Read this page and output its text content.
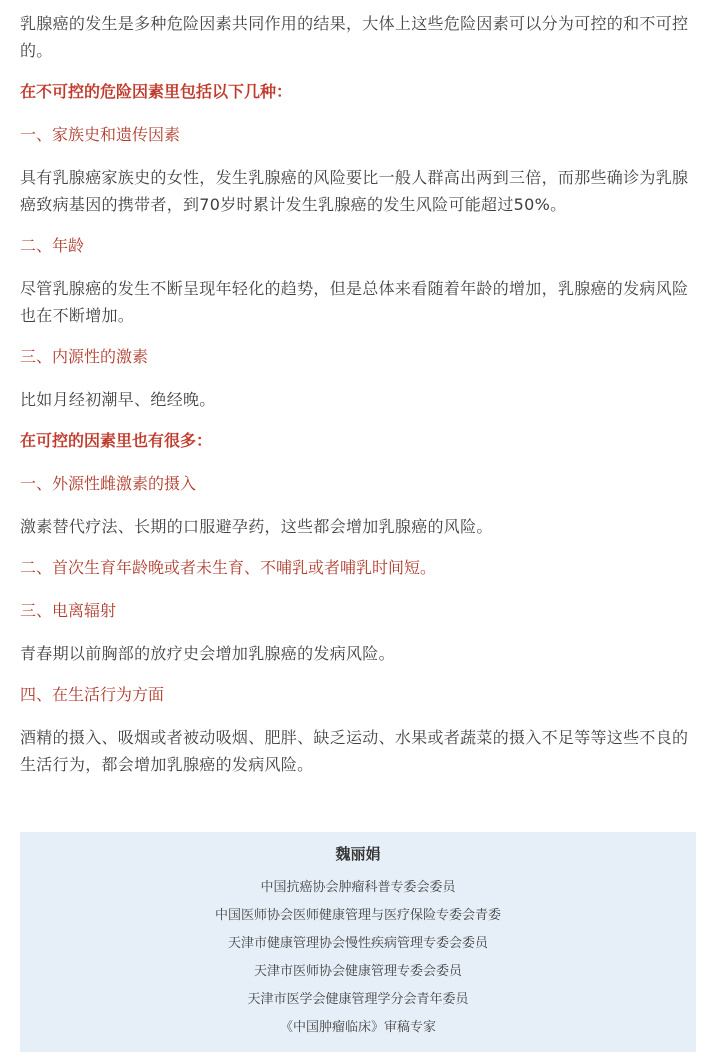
乳腺癌的发生是多种危险因素共同作用的结果，大体上这些危险因素可以分为可控的和不可控的。

在不可控的危险因素里包括以下几种：

一、家族史和遗传因素

具有乳腺癌家族史的女性，发生乳腺癌的风险要比一般人群高出两到三倍，而那些确诊为乳腺癌致病基因的携带者，到70岁时累计发生乳腺癌的发生风险可能超过50%。

二、年龄

尽管乳腺癌的发生不断呈现年轻化的趋势，但是总体来看随着年龄的增加，乳腺癌的发病风险也在不断增加。

三、内源性的激素

比如月经初潮早、绝经晚。

在可控的因素里也有很多：

一、外源性雌激素的摄入

激素替代疗法、长期的口服避孕药，这些都会增加乳腺癌的风险。

二、首次生育年龄晚或者未生育、不哺乳或者哺乳时间短。

三、电离辐射

青春期以前胸部的放疗史会增加乳腺癌的发病风险。

四、在生活行为方面

酒精的摄入、吸烟或者被动吸烟、肥胖、缺乏运动、水果或者蔬菜的摄入不足等等这些不良的生活行为，都会增加乳腺癌的发病风险。

魏丽娟
中国抗癌协会肿瘤科普专委会委员
中国医师协会医师健康管理与医疗保险专委会青委
天津市健康管理协会慢性疾病管理专委会委员
天津市医师协会健康管理专委会委员
天津市医学会健康管理学分会青年委员
《中国肿瘤临床》审稿专家
